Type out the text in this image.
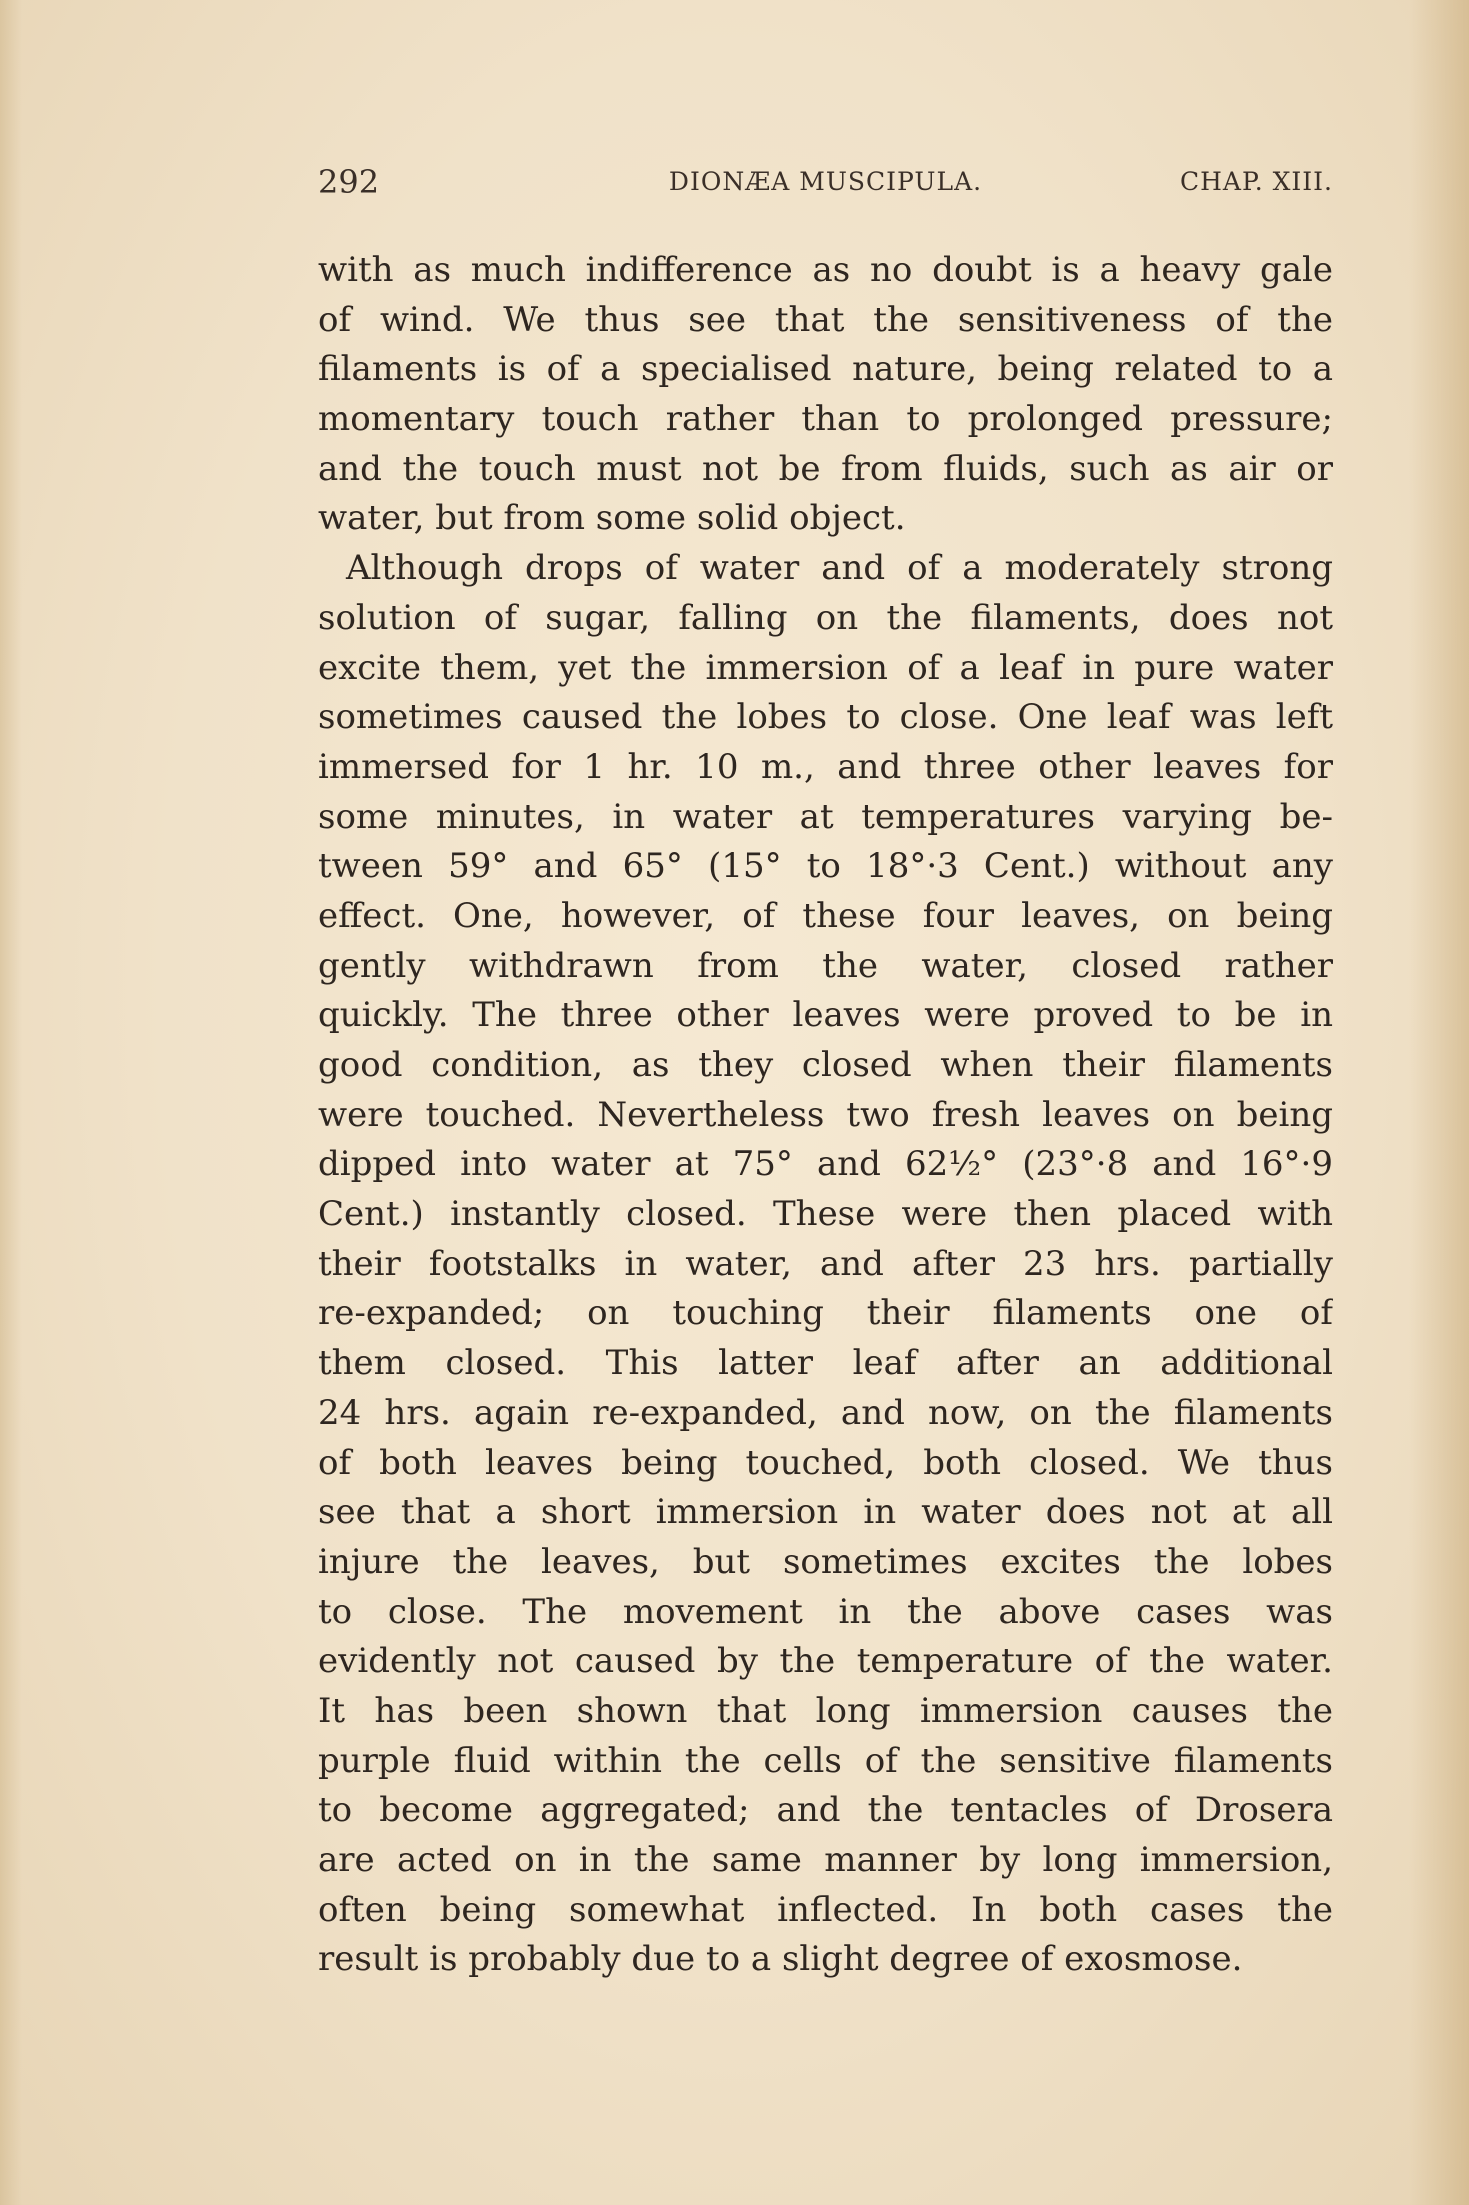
292	DIONÆA MUSCIPULA.	CHAP. XIII.
with as much indifference as no doubt is a heavy gale
of wind. We thus see that the sensitiveness of the
filaments is of a specialised nature, being related to a
momentary touch rather than to prolonged pressure;
and the touch must not be from fluids, such as air or
water, but from some solid object.
Although drops of water and of a moderately strong
solution of sugar, falling on the filaments, does not
excite them, yet the immersion of a leaf in pure water
sometimes caused the lobes to close. One leaf was left
immersed for 1 hr. 10 m., and three other leaves for
some minutes, in water at temperatures varying be-
tween 59° and 65° (15° to 18°·3 Cent.) without any
effect. One, however, of these four leaves, on being
gently withdrawn from the water, closed rather
quickly. The three other leaves were proved to be in
good condition, as they closed when their filaments
were touched. Nevertheless two fresh leaves on being
dipped into water at 75° and 62½° (23°·8 and 16°·9
Cent.) instantly closed. These were then placed with
their footstalks in water, and after 23 hrs. partially
re-expanded; on touching their filaments one of
them closed. This latter leaf after an additional
24 hrs. again re-expanded, and now, on the filaments
of both leaves being touched, both closed. We thus
see that a short immersion in water does not at all
injure the leaves, but sometimes excites the lobes
to close. The movement in the above cases was
evidently not caused by the temperature of the water.
It has been shown that long immersion causes the
purple fluid within the cells of the sensitive filaments
to become aggregated; and the tentacles of Drosera
are acted on in the same manner by long immersion,
often being somewhat inflected. In both cases the
result is probably due to a slight degree of exosmose.
